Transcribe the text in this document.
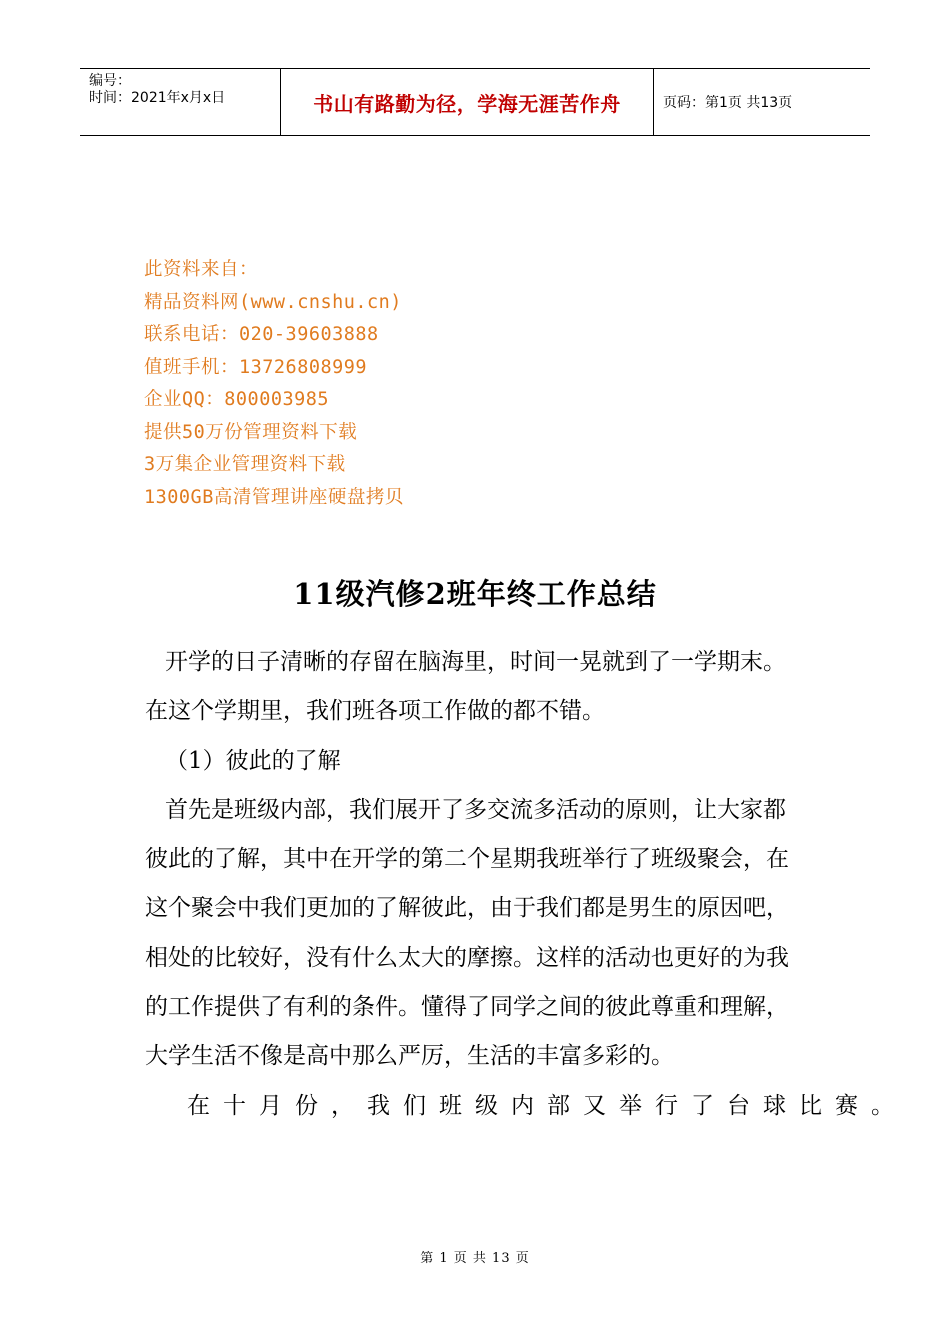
编号：
时间：2021年x月x日	书山有路勤为径，学海无涯苦作舟	页码：第1页 共13页
此资料来自：
精品资料网(www.cnshu.cn)
联系电话：020-39603888
值班手机：13726808999
企业QQ：800003985
提供50万份管理资料下载
3万集企业管理资料下载
1300GB高清管理讲座硬盘拷贝
11级汽修2班年终工作总结

开学的日子清晰的存留在脑海里，时间一晃就到了一学期末。在这个学期里，我们班各项工作做的都不错。

（1）彼此的了解

首先是班级内部，我们展开了多交流多活动的原则，让大家都彼此的了解，其中在开学的第二个星期我班举行了班级聚会，在这个聚会中我们更加的了解彼此，由于我们都是男生的原因吧，相处的比较好，没有什么太大的摩擦。这样的活动也更好的为我的工作提供了有利的条件。懂得了同学之间的彼此尊重和理解，大学生活不像是高中那么严厉，生活的丰富多彩的。

在十月份，我们班级内部又举行了台球比赛。

第 1 页 共 13 页
